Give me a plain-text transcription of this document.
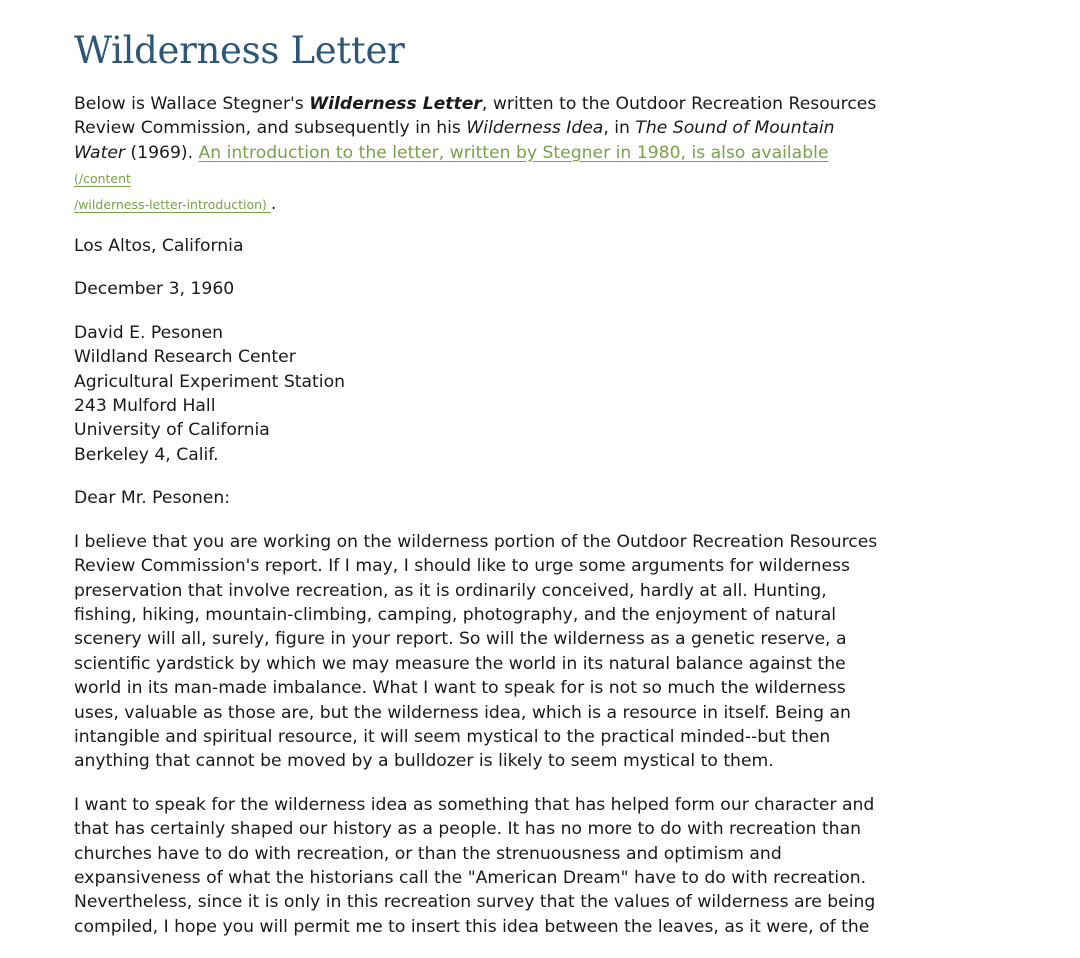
Wilderness Letter

Below is Wallace Stegner's Wilderness Letter, written to the Outdoor Recreation Resources Review Commission, and subsequently in his Wilderness Idea, in The Sound of Mountain Water (1969). An introduction to the letter, written by Stegner in 1980, is also available (/content
/wilderness-letter-introduction) .

Los Altos, California

December 3, 1960

David E. Pesonen
Wildland Research Center
Agricultural Experiment Station
243 Mulford Hall
University of California
Berkeley 4, Calif.

Dear Mr. Pesonen:

I believe that you are working on the wilderness portion of the Outdoor Recreation Resources Review Commission's report. If I may, I should like to urge some arguments for wilderness preservation that involve recreation, as it is ordinarily conceived, hardly at all. Hunting, fishing, hiking, mountain-climbing, camping, photography, and the enjoyment of natural scenery will all, surely, figure in your report. So will the wilderness as a genetic reserve, a scientific yardstick by which we may measure the world in its natural balance against the world in its man-made imbalance. What I want to speak for is not so much the wilderness uses, valuable as those are, but the wilderness idea, which is a resource in itself. Being an intangible and spiritual resource, it will seem mystical to the practical minded--but then anything that cannot be moved by a bulldozer is likely to seem mystical to them.

I want to speak for the wilderness idea as something that has helped form our character and that has certainly shaped our history as a people. It has no more to do with recreation than churches have to do with recreation, or than the strenuousness and optimism and expansiveness of what the historians call the "American Dream" have to do with recreation. Nevertheless, since it is only in this recreation survey that the values of wilderness are being compiled, I hope you will permit me to insert this idea between the leaves, as it were, of the
